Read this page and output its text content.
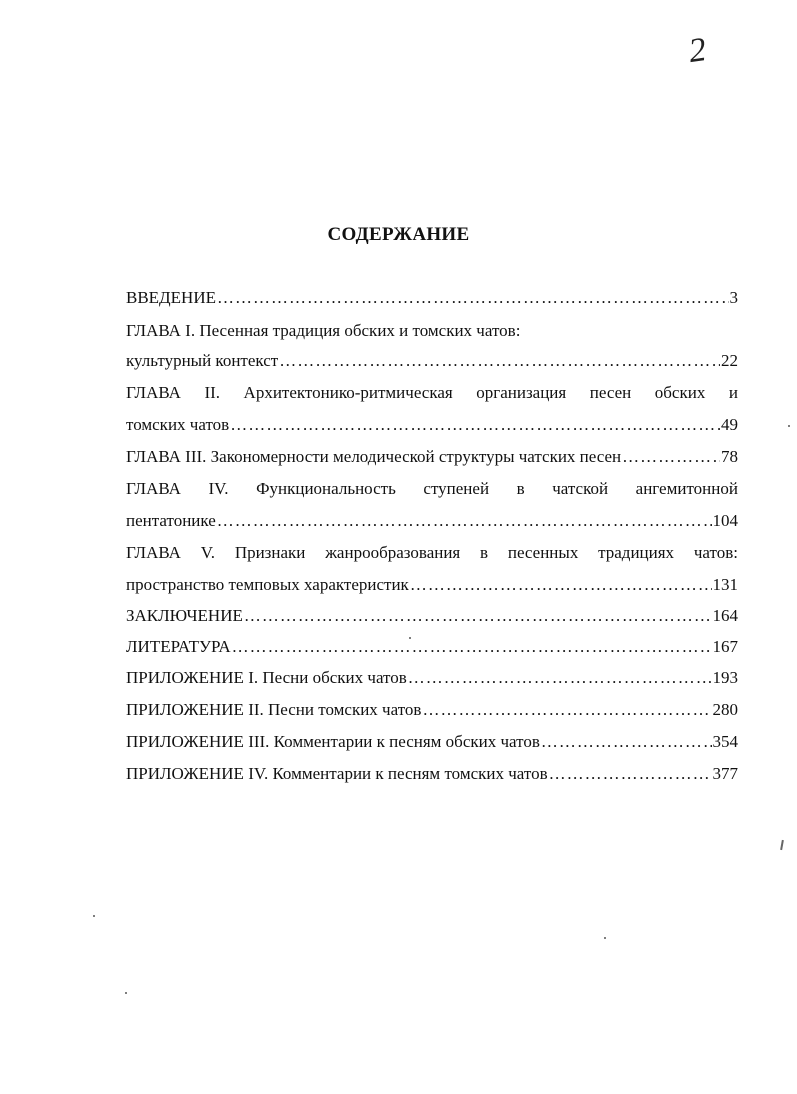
2
СОДЕРЖАНИЕ
ВВЕДЕНИЕ ………………………………………………………………………………………………………………………………………………	3
ГЛАВА I. Песенная традиция обских и томских чатов:
культурный контекст ………………………………………………………………………………………………………………………………………………	22
ГЛАВА II. Архитектонико-ритмическая организация песен обских и
томских чатов ………………………………………………………………………………………………………………………………………………	49
ГЛАВА III. Закономерности мелодической структуры чатских песен ………………………………………………………………………………………………………………………………………………	78
ГЛАВА IV. Функциональность ступеней в чатской ангемитонной
пентатонике ………………………………………………………………………………………………………………………………………………	104
ГЛАВА V. Признаки жанрообразования в песенных традициях чатов:
пространство темповых характеристик ………………………………………………………………………………………………………………………………………………	131
ЗАКЛЮЧЕНИЕ ………………………………………………………………………………………………………………………………………………	164
ЛИТЕРАТУРА ………………………………………………………………………………………………………………………………………………	167
ПРИЛОЖЕНИЕ I. Песни обских чатов ………………………………………………………………………………………………………………………………………………	193
ПРИЛОЖЕНИЕ II. Песни томских чатов ………………………………………………………………………………………………………………………………………………	280
ПРИЛОЖЕНИЕ III. Комментарии к песням обских чатов ………………………………………………………………………………………………………………………………………………	354
ПРИЛОЖЕНИЕ IV. Комментарии к песням томских чатов ………………………………………………………………………………………………………………………………………………	377
